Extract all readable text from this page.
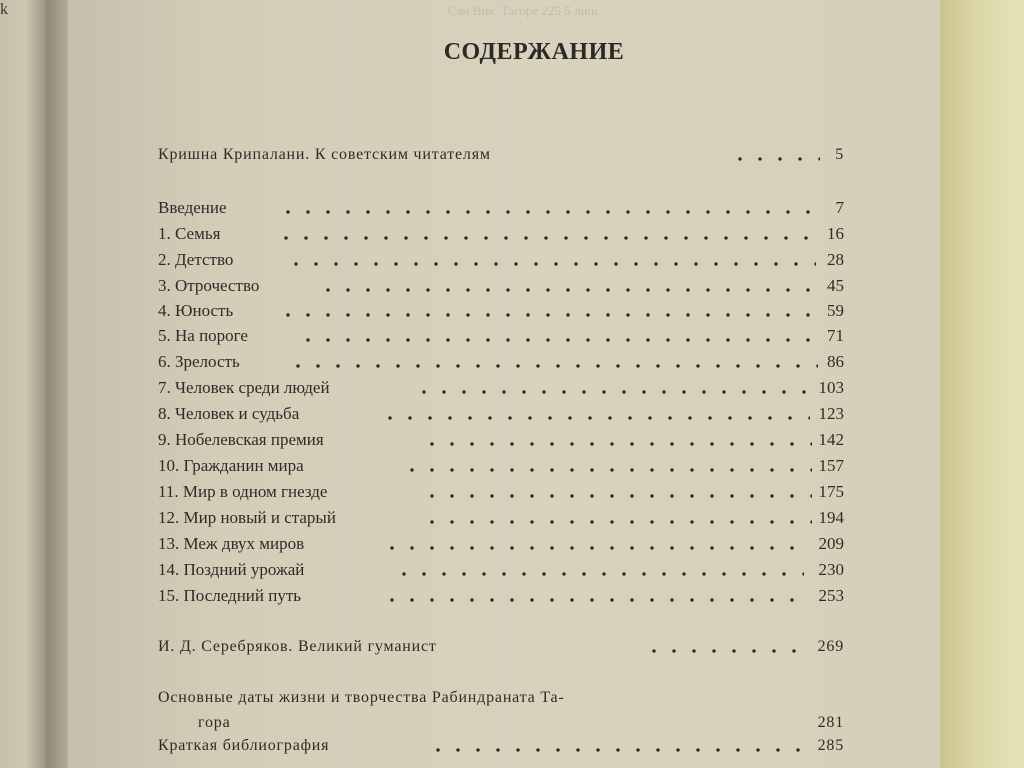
k	Сан Вик. Тагоре 225 5 лиш.
СОДЕРЖАНИЕ
Кришна Крипалани. К советским читателям	5
Введение	7
1. Семья	16
2. Детство	28
3. Отрочество	45
4. Юность	59
5. На пороге	71
6. Зрелость	86
7. Человек среди людей	103
8. Человек и судьба	123
9. Нобелевская премия	142
10. Гражданин мира	157
11. Мир в одном гнезде	175
12. Мир новый и старый	194
13. Меж двух миров	209
14. Поздний урожай	230
15. Последний путь	253
И. Д. Серебряков. Великий гуманист	269
Основные даты жизни и творчества Рабиндраната Та-
гора	281
Краткая библиография	285
